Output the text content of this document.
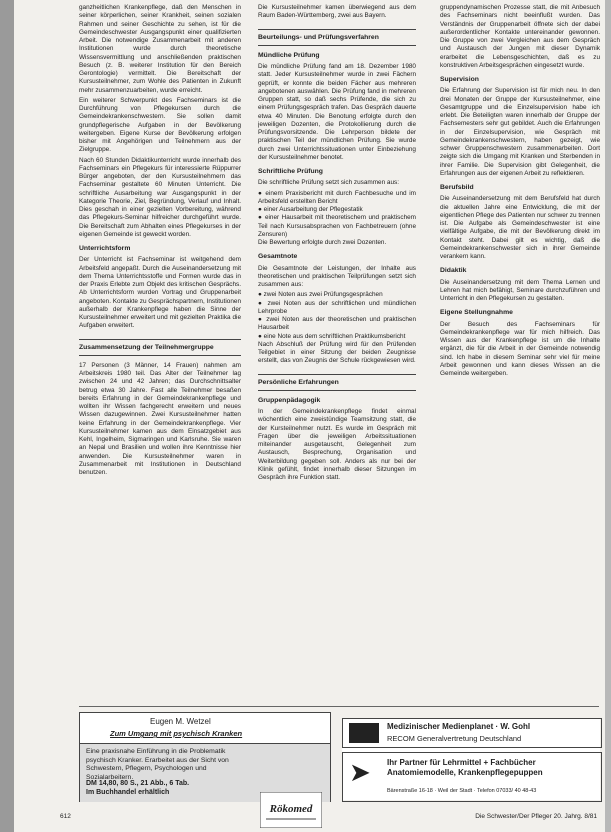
ganzheitlichen Krankenpflege, daß den Menschen in seiner körperlichen, seiner Krankheit, seinen sozialen Rahmen und seiner Geschichte zu sehen, ist für die Gemeindeschwester Ausgangspunkt einer qualifizierten Arbeit. Die notwendige Zusammenarbeit mit anderen Institutionen wurde durch theoretische Wissensvermittlung und anschließenden praktischen Besuch (z. B. weiterer Institution für den Bereich Gerontologie) vermittelt. Die Bereitschaft der Kursusteilnehmer, zum Wohle des Patienten in Zukunft mehr zusammenzuarbeiten, wurde erreicht.

Ein weiterer Schwerpunkt des Fachseminars ist die Durchführung von Pflegekursen durch die Gemeindekrankenschwestern. Sie sollen damit grundpflegerische Aufgaben in der Bevölkerung weitergeben. Eigene Kurse der Bevölkerung erfolgen bisher mit Angehörigen und Teilnehmern aus der Zielgruppe.

Nach 60 Stunden Didaktikunterricht wurde innerhalb des Fachseminars ein Pflegekurs für interessierte Rüppurrer Bürger angeboten, der den Kursusteilnehmern das Fachseminar gestaltete 60 Minuten Unterricht. Die schriftliche Ausarbeitung war Ausgangspunkt in der Kategorie Theorie, Ziel, Begründung, Verlauf und Inhalt. Dies geschah in einer gezielten Vorbereitung, während das Pflegekurs-Seminar hilfreicher durchgeführt wurde. Die Bereitschaft zum Abhalten eines Pflegekurses in der eigenen Gemeinde ist geweckt worden.

Unterrichtsform

Der Unterricht ist Fachseminar ist weitgehend dem Arbeitsfeld angepaßt. Durch die Auseinandersetzung mit dem Thema Unterrichtsstoffe und Formen wurde das in der Praxis Erlebte zum Objekt des kritischen Gesprächs. Ab Unterrichtsform wurden Vortrag und Gruppenarbeit angeboten. Kontakte zu Gesprächspartnern, Institutionen außerhalb der Krankenpflege haben die Sinne der Kursusteilnehmer erweitert und mit gezielten Praktika die Aufgaben erweitert.

Zusammensetzung der Teilnehmergruppe

17 Personen (3 Männer, 14 Frauen) nahmen am Arbeitskreis 1980 teil. Das Alter der Teilnehmer lag zwischen 24 und 42 Jahren; das Durchschnittsalter betrug etwa 30 Jahre. Fast alle Teilnehmer besaßen bereits Erfahrung in der Gemeindekrankenpflege und wollten ihr Wissen fachgerecht erweitern und neues Wissen dazugewinnen. Zwei Kursusteilnehmer hatten keine Erfahrung in der Gemeindekrankenpflege. Vier Kursusteilnehmer kamen aus dem Einsatzgebiet aus Kehl, Ingelheim, Sigmaringen und Karlsruhe. Sie waren an Nepal und Brasilien und wollen ihre Kenntnisse hier anwenden. Die Kursusteilnehmer waren in Zusammenarbeit mit Institutionen in Deutschland benutzen.

Die Kursusteilnehmer kamen überwiegend aus dem Raum Baden-Württemberg, zwei aus Bayern.

Beurteilungs- und Prüfungsverfahren
Mündliche Prüfung

Die mündliche Prüfung fand am 18. Dezember 1980 statt. Jeder Kursusteilnehmer wurde in zwei Fächern geprüft, er konnte die beiden Fächer aus mehreren angebotenen auswählen. Die Prüfung fand in mehreren Gruppen statt, so daß sechs Prüfende, die sich zu einem Prüfungsgespräch trafen. Das Gespräch dauerte etwa 40 Minuten. Die Benotung erfolgte durch den jeweiligen Dozenten, die Protokollierung durch die Prüfungsvorsitzende. Die Lehrperson bildete der praktischen Teil der mündlichen Prüfung. Sie wurde durch zwei Unterrichtssituationen unter Einbeziehung der Kursusteilnehmer benotet.

Schriftliche Prüfung

Die schriftliche Prüfung setzt sich zusammen aus:

● einem Praxisbericht mit durch Fachbesuche und im Arbeitsfeld erstellten Bericht
● einer Ausarbeitung der Pflegestatik
● einer Hausarbeit mit theoretischem und praktischem Teil nach Kursusabsprachen von Fachbetreuern (ohne Zensuren)

Die Bewertung erfolgte durch zwei Dozenten.

Gesamtnote

Die Gesamtnote der Leistungen, der Inhalte aus theoretischen und praktischen Teilprüfungen setzt sich zusammen aus:

● zwei Noten aus zwei Prüfungsgesprächen
● zwei Noten aus der schriftlichen und mündlichen Lehrprobe
● zwei Noten aus der theoretischen und praktischen Hausarbeit
● eine Note aus dem schriftlichen Praktikumsbericht

Nach Abschluß der Prüfung wird für den Prüfenden Teilgebiet in einer Sitzung der beiden Zeugnisse erstellt, das von Zeugnis der Schule rückgewiesen wird.

Persönliche Erfahrungen
Gruppenpädagogik

In der Gemeindekrankenpflege findet einmal wöchentlich eine zweistündige Teamsitzung statt, die der Kursteilnehmer nutzt. Es wurde im Gespräch mit Fragen über die jeweiligen Arbeitssituationen miteinander ausgetauscht, Gelegenheit zum Austausch, Besprechung, Organisation und Weiterbildung gegeben soll. Anders als nur bei der Klinik gefühlt, findet innerhalb dieser Sitzungen im Gespräch ihre Funktion statt.

gruppendynamischen Prozesse statt, die mit Anbesuch des Fachseminars nicht beeinflußt wurden. Das Verständnis der Gruppenarbeit öffnete sich der dabei außerordentlicher Kontakte untereinander gewonnen. Die Gruppe von zwei Vergleichen aus dem Gespräch und Austausch der Jungen mit dieser Dynamik erarbeitet die Lebensgeschichten, daß es zu konstruktiven Arbeitsgesprächen eingesetzt wurde.

Supervision

Die Erfahrung der Supervision ist für mich neu. In den drei Monaten der Gruppe der Kursusteilnehmer, eine Gesamtgruppe und die Einzelsupervision habe ich erlebt. Die Beteiligten waren innerhalb der Gruppe der Fachsemesters sehr gut gebildet. Auch die Erfahrungen in der Einzelsupervision, wie Gespräch mit Gemeindekrankenschwestern, haben gezeigt, wie schwer Gruppenschwestern zusammenarbeiten. Dort zeigte sich die Umgang mit Kranken und Sterbenden in ihrer Familie. Die Supervision gibt Gelegenheit, die Erfahrungen aus der eigenen Arbeit zu reflektieren.

Berufsbild

Die Auseinandersetzung mit dem Berufsfeld hat durch die aktuellen Jahre eine Entwicklung, die mit der eigentlichen Pflege des Patienten nur schwer zu trennen ist. Die Aufgabe als Gemeindeschwester ist eine vielfältige Aufgabe, die mit der Bevölkerung direkt im Kontakt steht. Dabei gilt es wichtig, daß die Gemeindekrankenschwester sich in ihrer Gemeinde verankern kann.

Didaktik

Die Auseinandersetzung mit dem Thema Lernen und Lehren hat mich befähigt, Seminare durchzuführen und Unterricht in den Pflegekursen zu gestalten.

Eigene Stellungnahme

Der Besuch des Fachseminars für Gemeindekrankenpflege war für mich hilfreich. Das Wissen aus der Krankenpflege ist um die Inhalte ergänzt, die für die Arbeit in der Gemeinde notwendig sind. Ich habe in diesem Seminar sehr viel für meine Arbeit gewonnen und kann dieses Wissen an die Gemeinde weitergeben.

Eugen M. Wetzel
Zum Umgang mit psychisch Kranken
Eine praxisnahe Einführung in die Problematik psychisch Kranker. Erarbeitet aus der Sicht von Schwestern, Pflegern, Psychologen und Sozialarbeitern.
DM 14,80, 80 S., 21 Abb., 6 Tab.
Im Buchhandel erhältlich
Rökomed
Medizinischer Medienplanet · W. Gohl
RECOM Generalvertretung Deutschland
➤ Ihr Partner für Lehrmittel + Fachbücher
Anatomiemodelle, Krankenpflegepuppen
Bärenstraße 16-18 · Weil der Stadt · Telefon 07033/ 40 48-43
612	Die Schwester/Der Pfleger 20. Jahrg. 8/81
